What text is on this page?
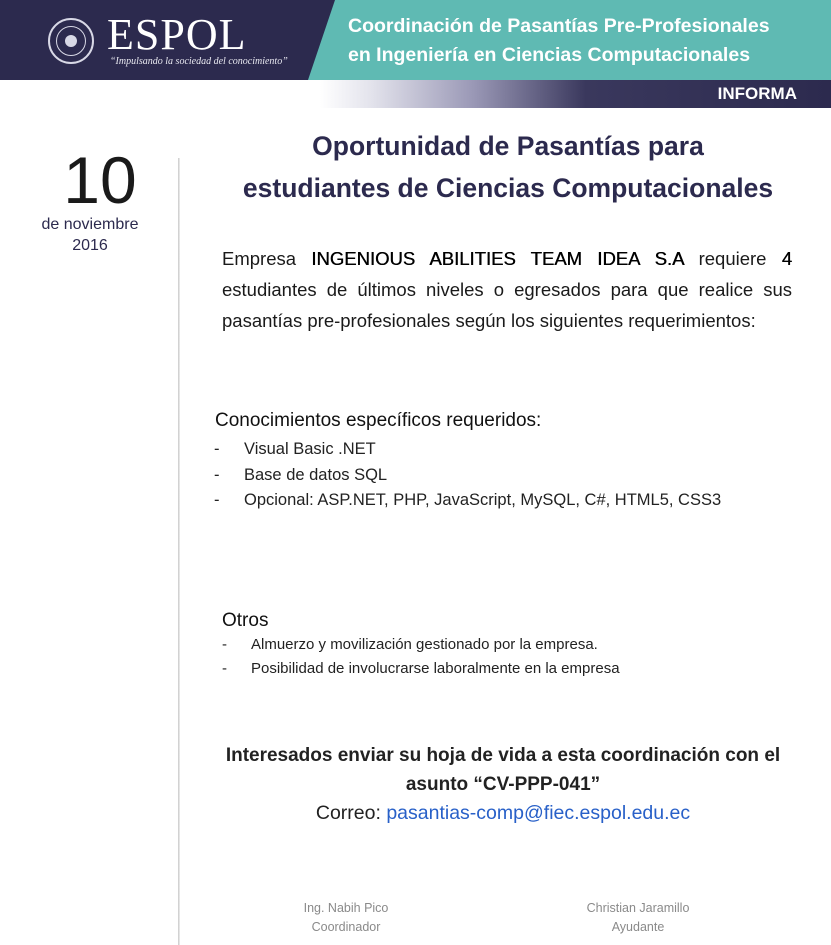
ESPOL
“Impulsando la sociedad del conocimiento”
Coordinación de Pasantías Pre-Profesionales
en Ingeniería en Ciencias Computacionales
INFORMA
10
de noviembre
2016
Oportunidad de Pasantías para
estudiantes de Ciencias Computacionales
Empresa INGENIOUS ABILITIES TEAM IDEA S.A requiere 4 estudiantes de últimos niveles o egresados para que realice sus pasantías pre-profesionales según los siguientes requerimientos:
Conocimientos específicos requeridos:
-	Visual Basic .NET
-	Base de datos SQL
-	Opcional: ASP.NET, PHP, JavaScript, MySQL, C#, HTML5, CSS3
Otros
-	Almuerzo y movilización gestionado por la empresa.
-	Posibilidad de involucrarse laboralmente en la empresa
Interesados enviar su hoja de vida a esta coordinación con el
asunto “CV-PPP-041”
Correo: pasantias-comp@fiec.espol.edu.ec
Ing. Nabih Pico
Coordinador
Christian Jaramillo
Ayudante
